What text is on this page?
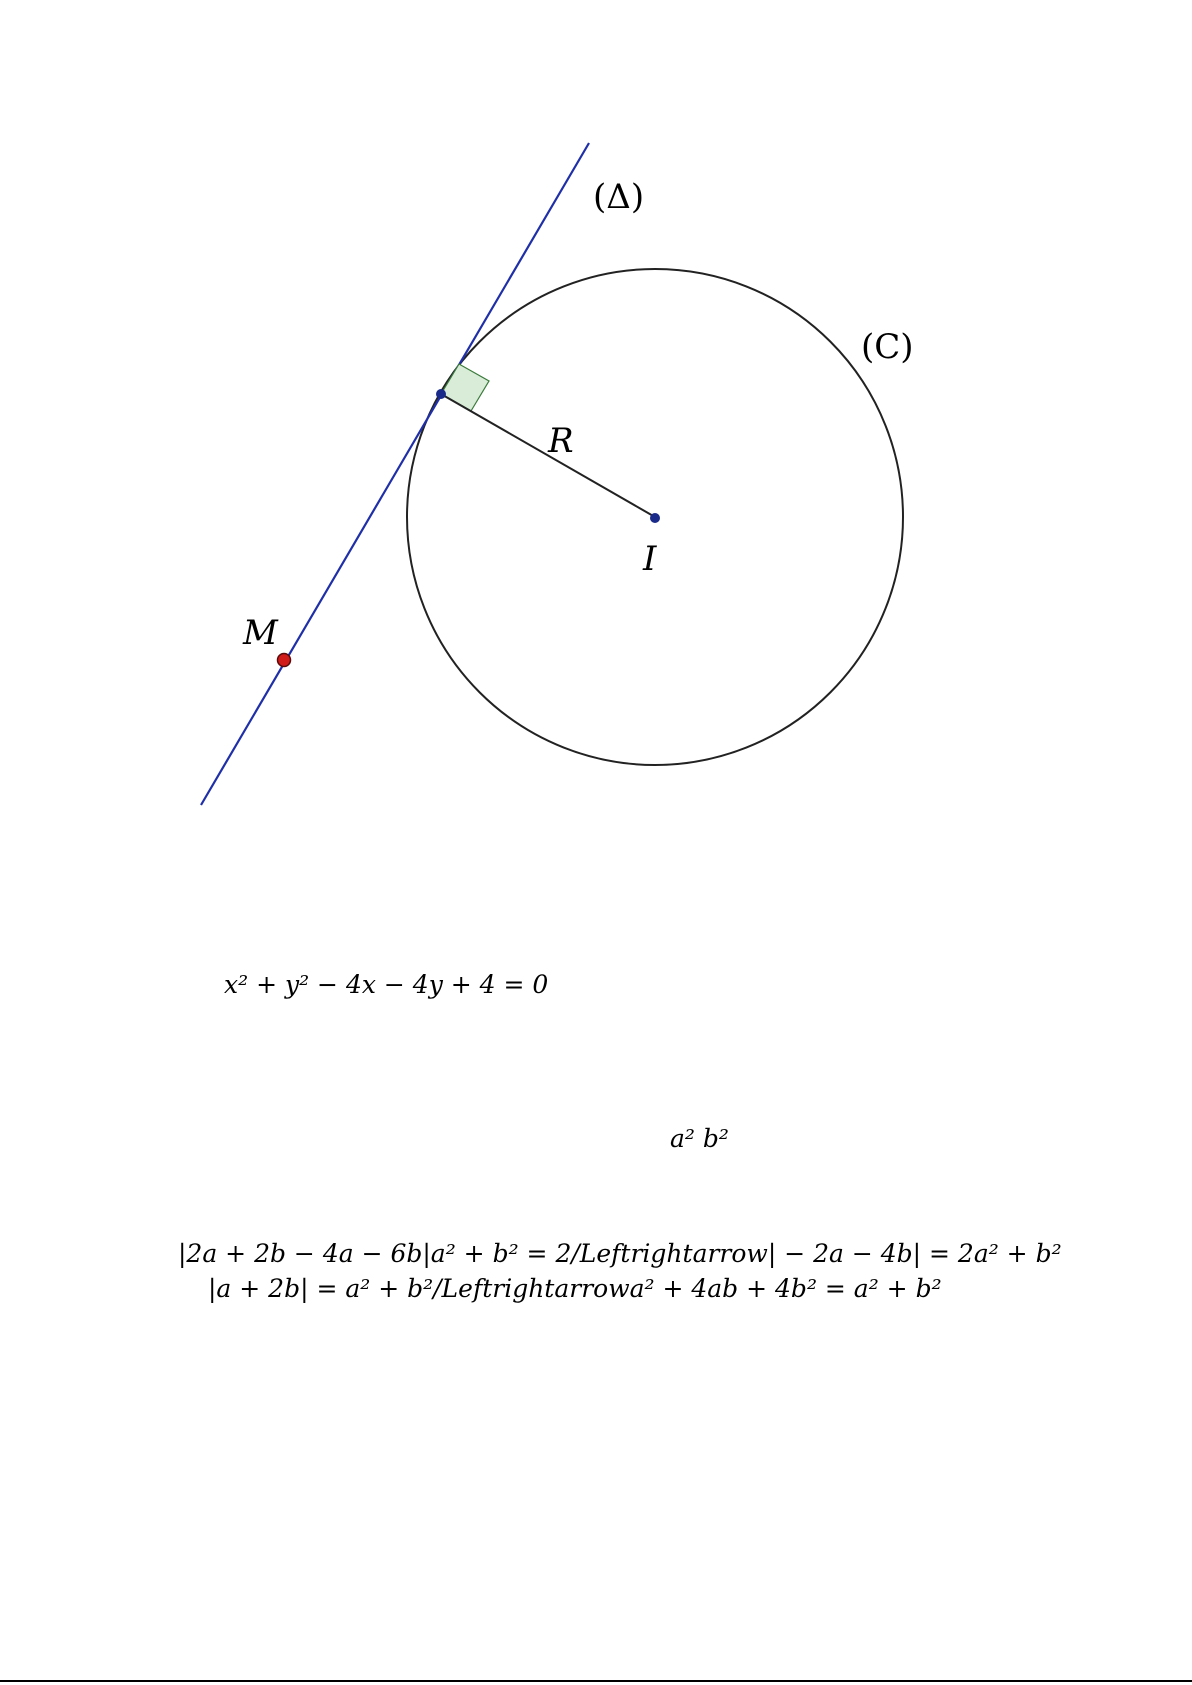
(Δ)
(C)
R
I
M
x² + y² − 4x − 4y + 4 = 0
a² b²
|2a + 2b − 4a − 6b|a² + b² = 2/Leftrightarrow| − 2a − 4b| = 2a² + b²
|a + 2b| = a² + b²/Leftrightarrowa² + 4ab + 4b² = a² + b²
